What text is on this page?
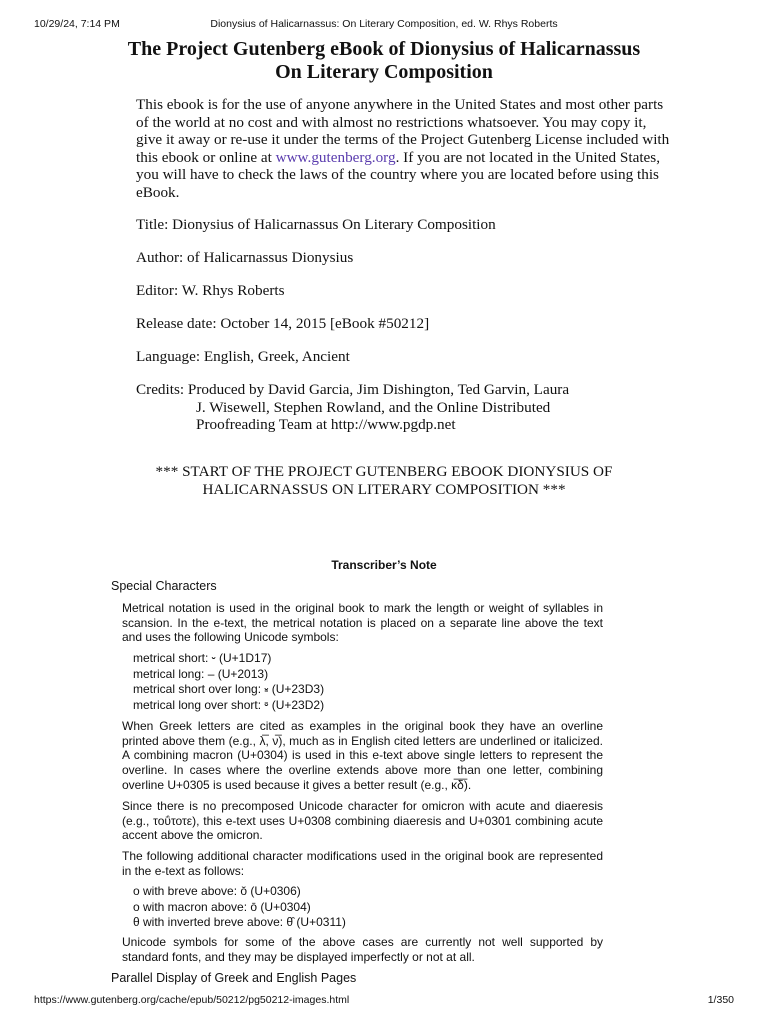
10/29/24, 7:14 PM	Dionysius of Halicarnassus: On Literary Composition, ed. W. Rhys Roberts
The Project Gutenberg eBook of Dionysius of Halicarnassus On Literary Composition

This ebook is for the use of anyone anywhere in the United States and most other parts of the world at no cost and with almost no restrictions whatsoever. You may copy it, give it away or re-use it under the terms of the Project Gutenberg License included with this ebook or online at www.gutenberg.org. If you are not located in the United States, you will have to check the laws of the country where you are located before using this eBook.

Title: Dionysius of Halicarnassus On Literary Composition

Author: of Halicarnassus Dionysius

Editor: W. Rhys Roberts

Release date: October 14, 2015 [eBook #50212]

Language: English, Greek, Ancient

Credits: Produced by David Garcia, Jim Dishington, Ted Garvin, Laura
J. Wisewell, Stephen Rowland, and the Online Distributed
Proofreading Team at http://www.pgdp.net

*** START OF THE PROJECT GUTENBERG EBOOK DIONYSIUS OF HALICARNASSUS ON LITERARY COMPOSITION ***

Transcriber’s Note

Special Characters

Metrical notation is used in the original book to mark the length or weight of syllables in scansion. In the e-text, the metrical notation is placed on a separate line above the text and uses the following Unicode symbols:

metrical short: ⏑ (U+1D17)
metrical long: – (U+2013)
metrical short over long: ⏓ (U+23D3)
metrical long over short: ⏒ (U+23D2)

When Greek letters are cited as examples in the original book they have an overline printed above them (e.g., λ̅, ν̅), much as in English cited letters are underlined or italicized. A combining macron (U+0304) is used in this e-text above single letters to represent the overline. In cases where the overline extends above more than one letter, combining overline U+0305 is used because it gives a better result (e.g., κ̅δ̅).

Since there is no precomposed Unicode character for omicron with acute and diaeresis (e.g., τοΰτοτε), this e-text uses U+0308 combining diaeresis and U+0301 combining acute accent above the omicron.

The following additional character modifications used in the original book are represented in the e-text as follows:

o with breve above: ŏ (U+0306)
o with macron above: ō (U+0304)
θ with inverted breve above: θ̑ (U+0311)

Unicode symbols for some of the above cases are currently not well supported by standard fonts, and they may be displayed imperfectly or not at all.

Parallel Display of Greek and English Pages

https://www.gutenberg.org/cache/epub/50212/pg50212-images.html	1/350
